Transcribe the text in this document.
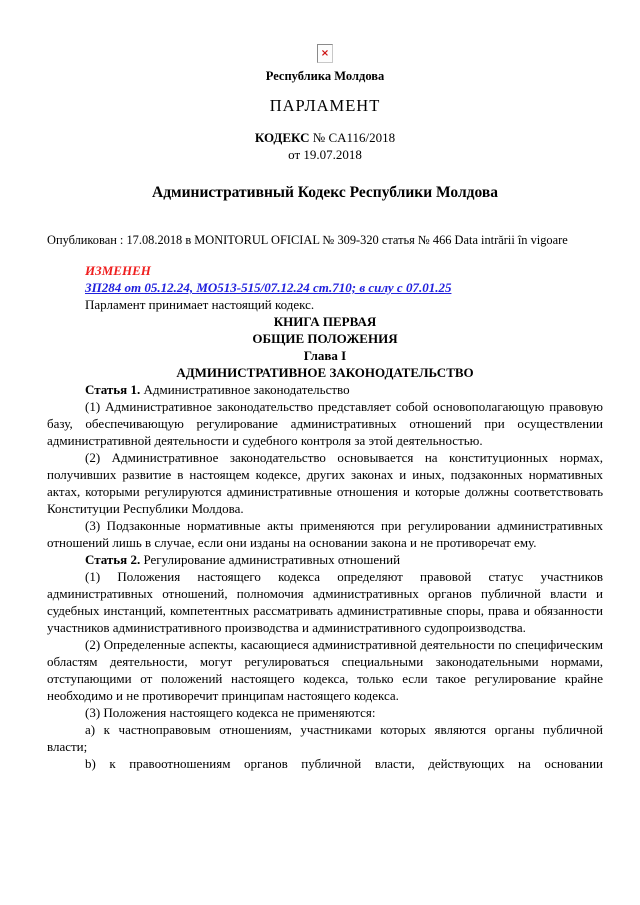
×
Республика Молдова
ПАРЛАМЕНТ
КОДЕКС № CA116/2018
от 19.07.2018
Административный Кодекс Республики Молдова

Опубликован : 17.08.2018 в MONITORUL OFICIAL № 309-320 статья № 466 Data intrării în vigoare

ИЗМЕНЕН

ЗП284 от 05.12.24, МО513-515/07.12.24 ст.710; в силу с 07.01.25

Парламент принимает настоящий кодекс.

КНИГА ПЕРВАЯ

ОБЩИЕ ПОЛОЖЕНИЯ

Глава I

АДМИНИСТРАТИВНОЕ ЗАКОНОДАТЕЛЬСТВО

Статья 1. Административное законодательство

(1) Административное законодательство представляет собой основополагающую правовую базу, обеспечивающую регулирование административных отношений при осуществлении административной деятельности и судебного контроля за этой деятельностью.

(2) Административное законодательство основывается на конституционных нормах, получивших развитие в настоящем кодексе, других законах и иных, подзаконных нормативных актах, которыми регулируются административные отношения и которые должны соответствовать Конституции Республики Молдова.

(3) Подзаконные нормативные акты применяются при регулировании административных отношений лишь в случае, если они изданы на основании закона и не противоречат ему.

Статья 2. Регулирование административных отношений

(1) Положения настоящего кодекса определяют правовой статус участников административных отношений, полномочия административных органов публичной власти и судебных инстанций, компетентных рассматривать административные споры, права и обязанности участников административного производства и административного судопроизводства.

(2) Определенные аспекты, касающиеся административной деятельности по специфическим областям деятельности, могут регулироваться специальными законодательными нормами, отступающими от положений настоящего кодекса, только если такое регулирование крайне необходимо и не противоречит принципам настоящего кодекса.

(3) Положения настоящего кодекса не применяются:

a) к частноправовым отношениям, участниками которых являются органы публичной власти;

b) к правоотношениям органов публичной власти, действующих на основании
